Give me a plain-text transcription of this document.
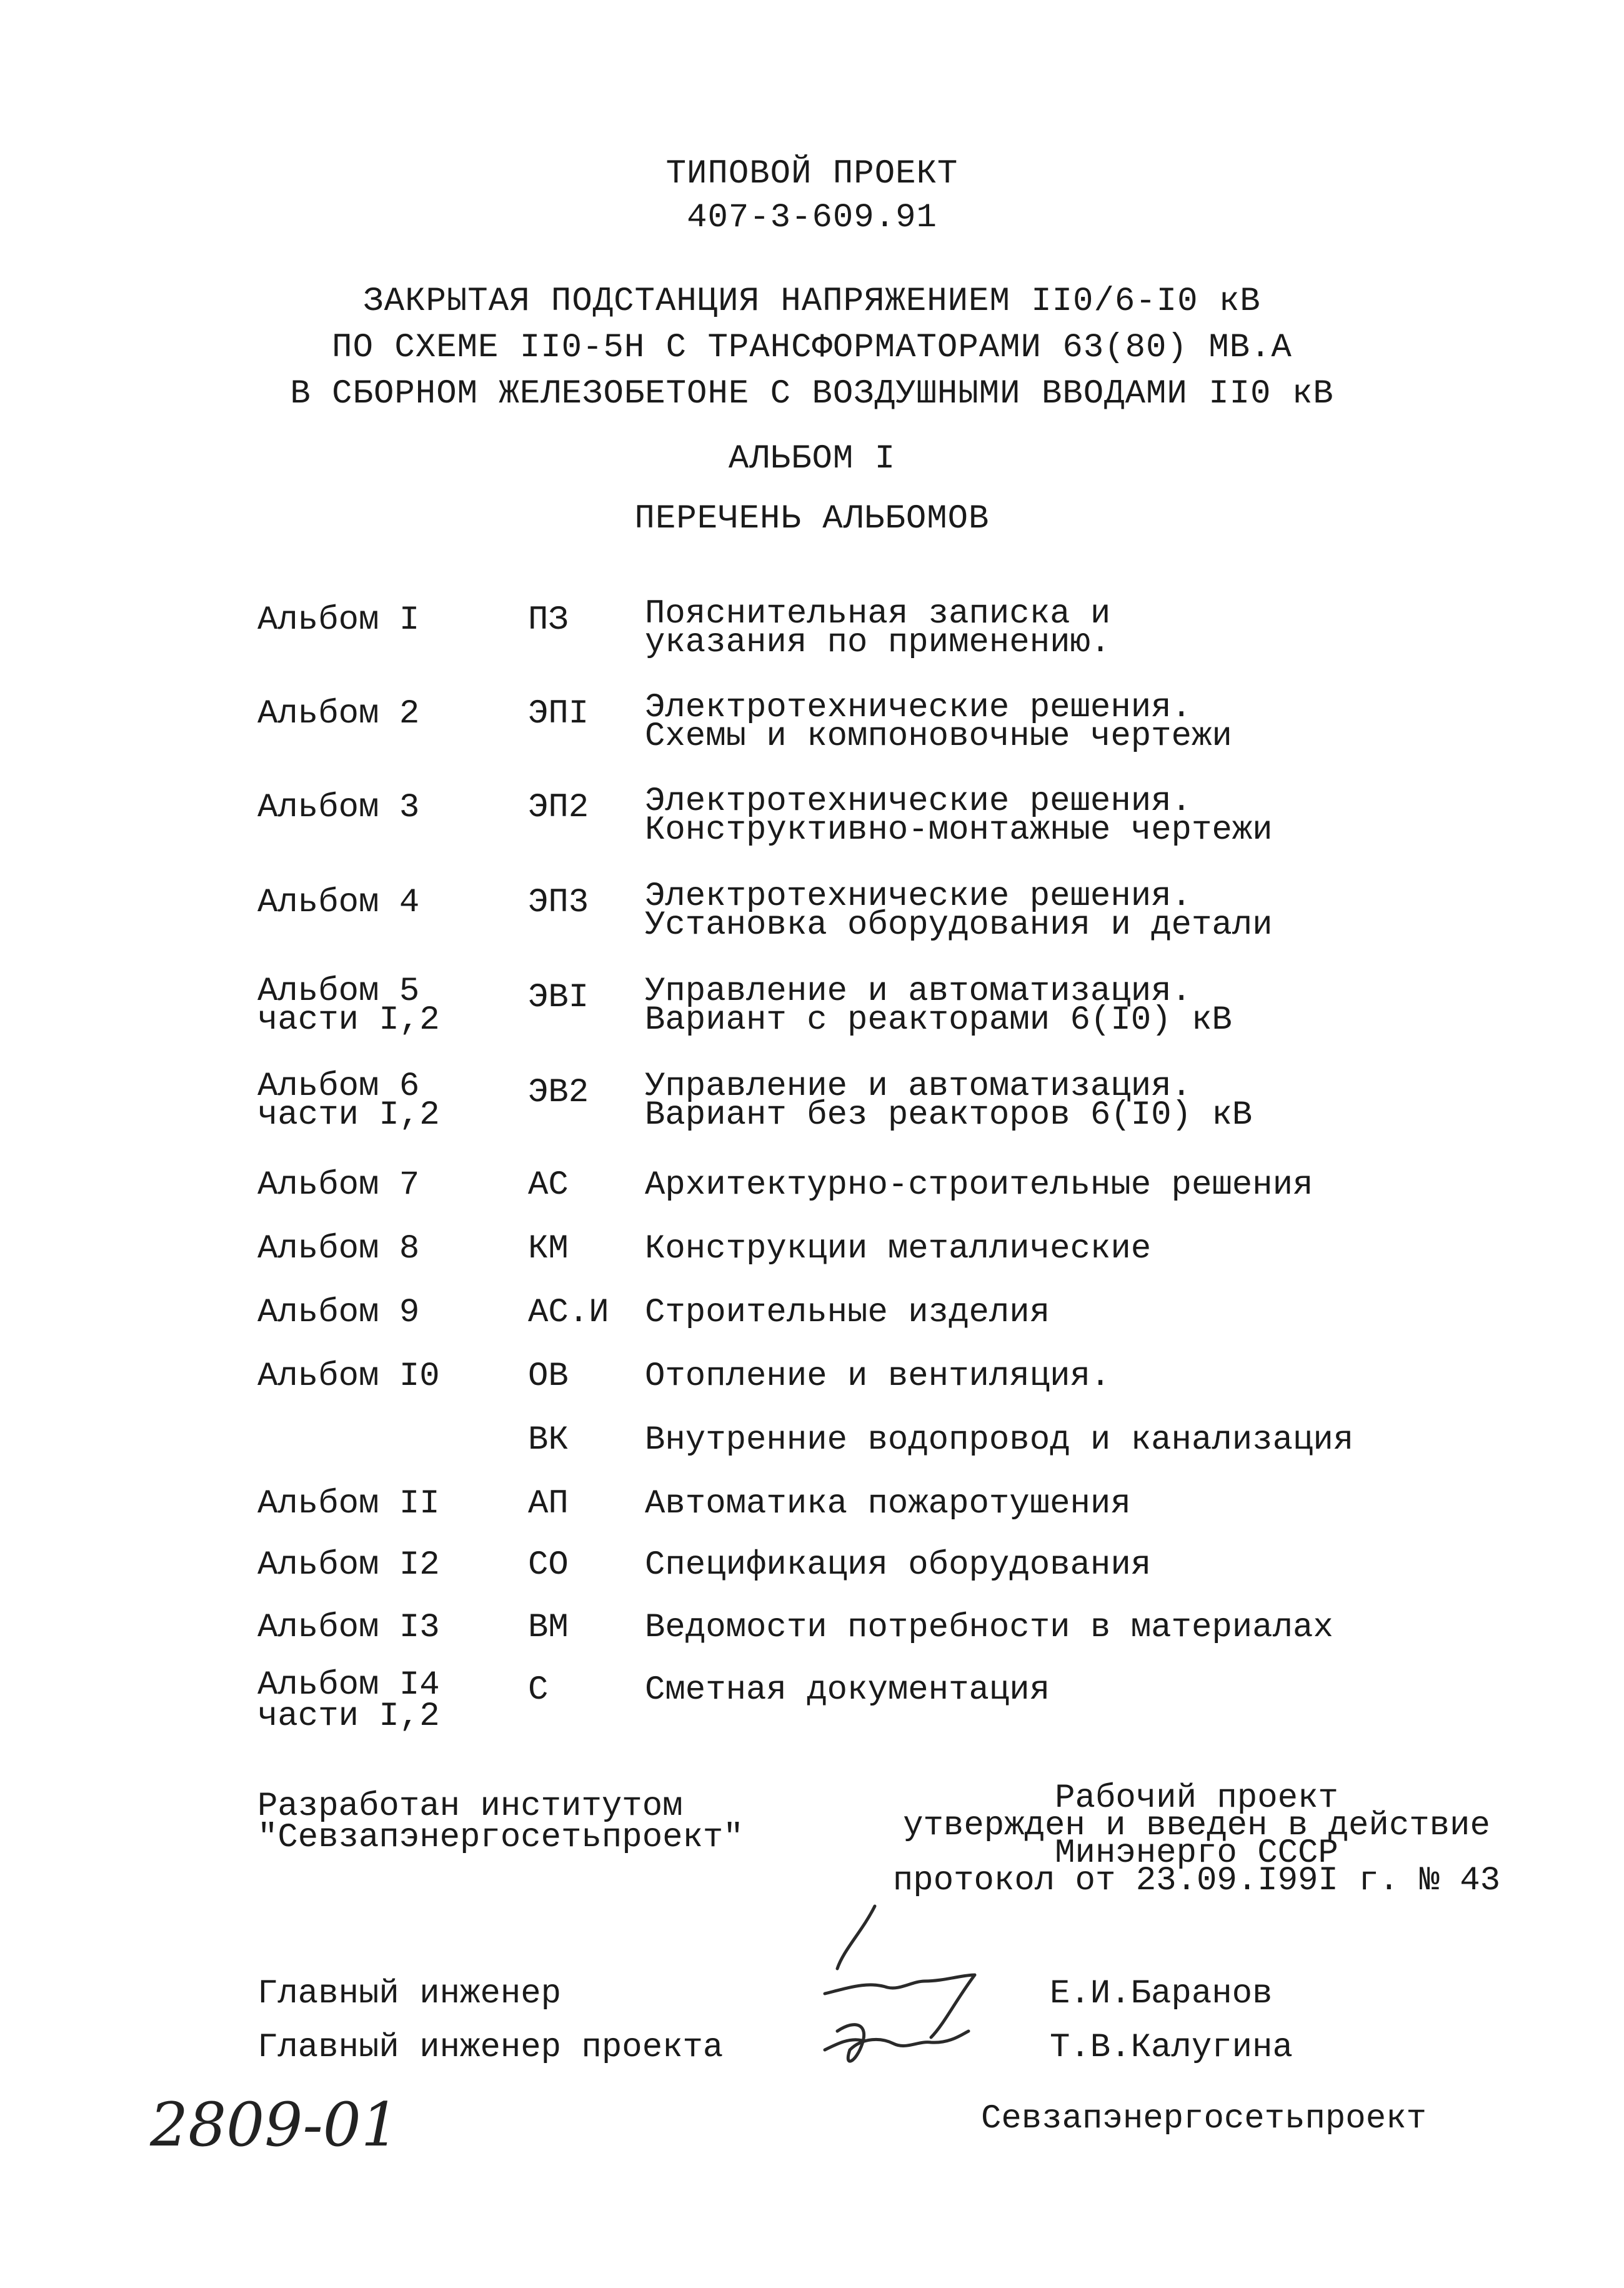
ТИПОВОЙ ПРОЕКТ
407-3-609.91
ЗАКРЫТАЯ ПОДСТАНЦИЯ НАПРЯЖЕНИЕМ II0/6-I0 кВ
ПО СХЕМЕ II0-5Н С ТРАНСФОРМАТОРАМИ 63(80) МВ.А
В СБОРНОМ ЖЕЛЕЗОБЕТОНЕ С ВОЗДУШНЫМИ ВВОДАМИ II0 кВ
АЛЬБОМ I
ПЕРЕЧЕНЬ АЛЬБОМОВ
Альбом I	ПЗ Пояснительная записка и
указания по применению.
Альбом 2	ЭПI Электротехнические решения.
Схемы и компоновочные чертежи
Альбом 3	ЭП2 Электротехнические решения.
Конструктивно-монтажные чертежи
Альбом 4	ЭП3 Электротехнические решения.
Установка оборудования и детали
Альбом 5
части I,2
ЭВI Управление и автоматизация.
Вариант с реакторами 6(I0) кВ
Альбом 6
части I,2
ЭВ2 Управление и автоматизация.
Вариант без реакторов 6(I0) кВ
Альбом 7	АС Архитектурно-строительные решения
Альбом 8	КМ Конструкции металлические
Альбом 9	АС.И Строительные изделия
Альбом I0	ОВ Отопление и вентиляция.
ВК Внутренние водопровод и канализация
Альбом II	АП Автоматика пожаротушения
Альбом I2	СО Спецификация оборудования
Альбом I3	ВМ Ведомости потребности в материалах
Альбом I4
части I,2
С	Сметная документация
Разработан институтом
"Севзапэнергосетьпроект"
Рабочий проект
утвержден и введен в действие
Минэнерго СССР
протокол от 23.09.I99I г. № 43
Главный инженер
Главный инженер проекта
Е.И.Баранов
Т.В.Калугина
2809-01	Севзапэнергосетьпроект
